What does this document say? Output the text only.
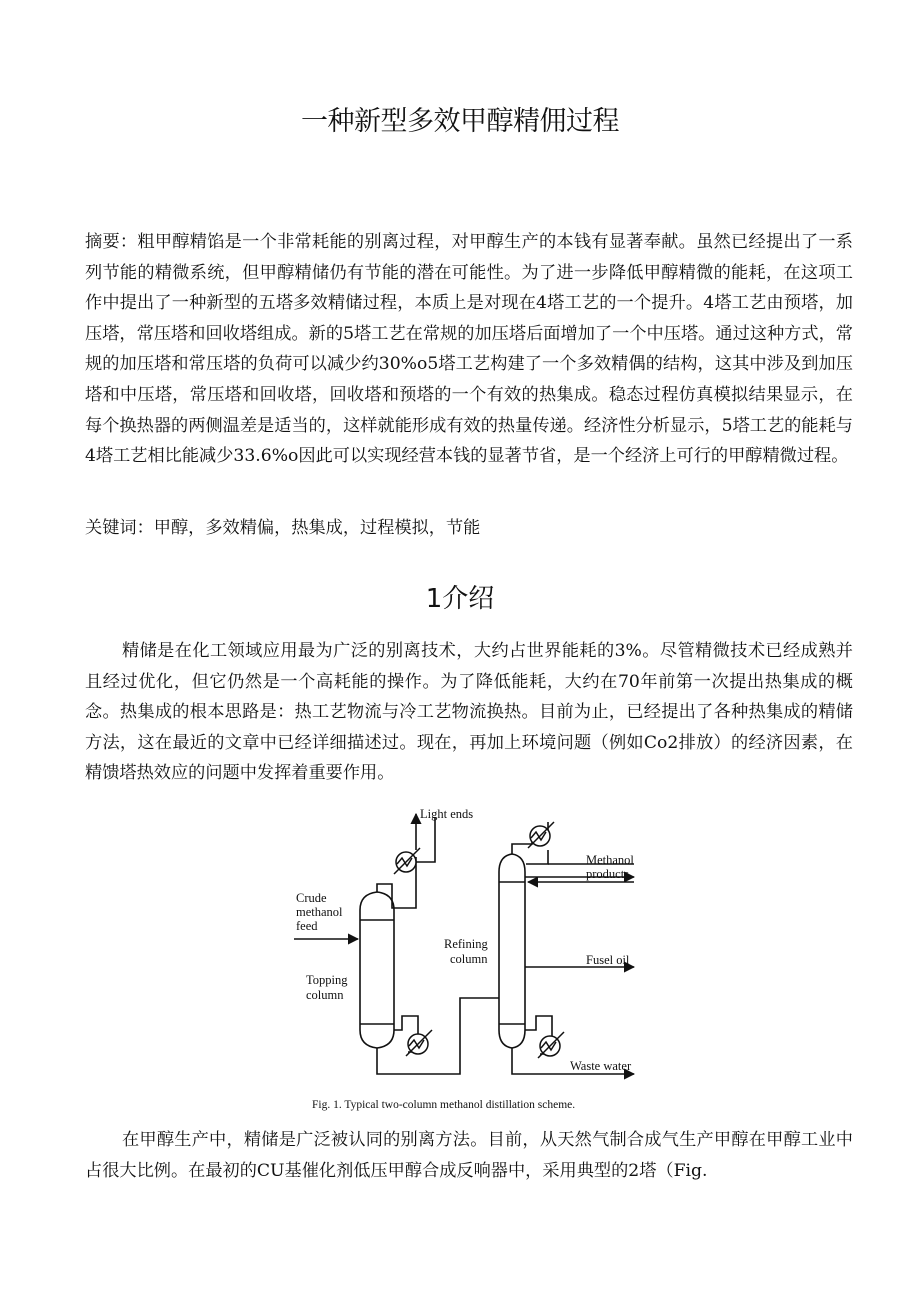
一种新型多效甲醇精佣过程

摘要：粗甲醇精馅是一个非常耗能的别离过程，对甲醇生产的本钱有显著奉献。虽然已经提出了一系列节能的精微系统，但甲醇精储仍有节能的潜在可能性。为了进一步降低甲醇精微的能耗，在这项工作中提出了一种新型的五塔多效精储过程，本质上是对现在4塔工艺的一个提升。4塔工艺由预塔，加压塔，常压塔和回收塔组成。新的5塔工艺在常规的加压塔后面增加了一个中压塔。通过这种方式，常规的加压塔和常压塔的负荷可以减少约30%o5塔工艺构建了一个多效精偶的结构，这其中涉及到加压塔和中压塔，常压塔和回收塔，回收塔和预塔的一个有效的热集成。稳态过程仿真模拟结果显示，在每个换热器的两侧温差是适当的，这样就能形成有效的热量传递。经济性分析显示，5塔工艺的能耗与4塔工艺相比能减少33.6%o因此可以实现经营本钱的显著节省，是一个经济上可行的甲醇精微过程。

关键词：甲醇，多效精偏，热集成，过程模拟，节能

1介绍

精储是在化工领域应用最为广泛的别离技术，大约占世界能耗的3%。尽管精微技术已经成熟并且经过优化，但它仍然是一个高耗能的操作。为了降低能耗，大约在70年前第一次提出热集成的概念。热集成的根本思路是：热工艺物流与冷工艺物流换热。目前为止，已经提出了各种热集成的精储方法，这在最近的文章中已经详细描述过。现在，再加上环境问题（例如Co2排放）的经济因素，在精馈塔热效应的问题中发挥着重要作用。

Light ends
Crude
methanol
feed
Topping
column
Refining
column
Methanol
products
Fusel oil
Waste water
Fig. 1. Typical two-column methanol distillation scheme.

在甲醇生产中，精储是广泛被认同的别离方法。目前，从天然气制合成气生产甲醇在甲醇工业中占很大比例。在最初的CU基催化剂低压甲醇合成反响器中，采用典型的2塔（Fig.
